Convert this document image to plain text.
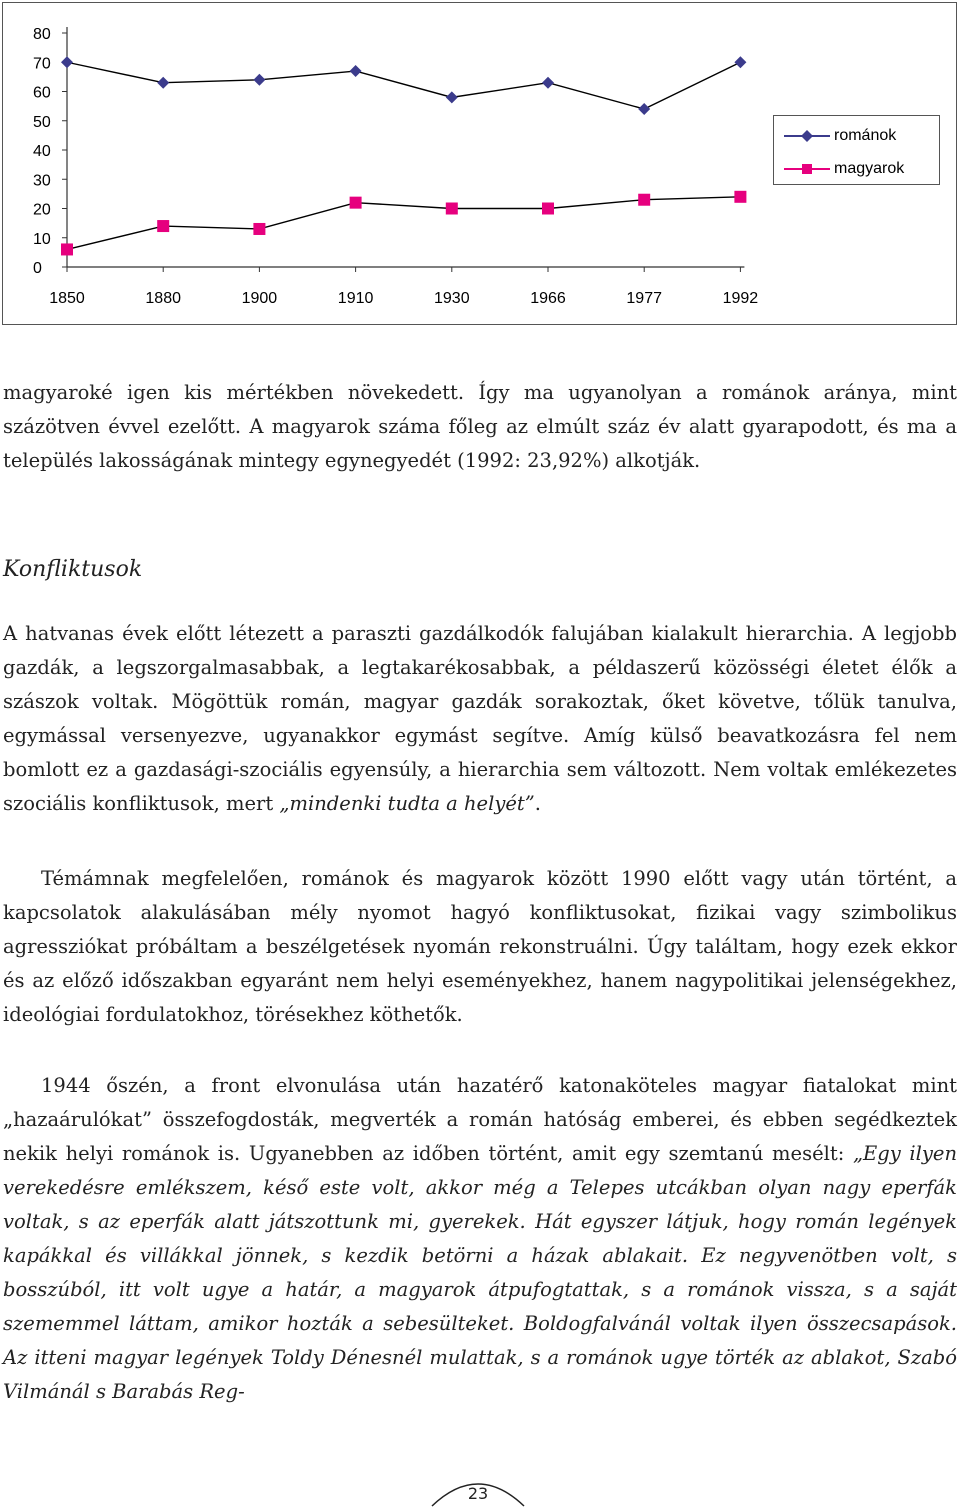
0
10
20
30
40
50
60
70
80
1850	1880	1900	1910	1930	1966	1977	1992
románok
magyarok
magyaroké igen kis mértékben növekedett. Így ma ugyanolyan a románok aránya, mint százötven évvel ezelőtt. A magyarok száma főleg az elmúlt száz év alatt gyarapodott, és ma a település lakosságának mintegy egynegyedét (1992: 23,92%) alkotják.
Konfliktusok
A hatvanas évek előtt létezett a paraszti gazdálkodók falujában kialakult hierarchia. A legjobb gazdák, a legszorgalmasabbak, a legtakarékosabbak, a példaszerű közösségi életet élők a szászok voltak. Mögöttük román, magyar gazdák sorakoztak, őket követve, tőlük tanulva, egymással versenyezve, ugyanakkor egymást segítve. Amíg külső beavatkozásra fel nem bomlott ez a gazdasági-szociális egyensúly, a hierarchia sem változott. Nem voltak emlékezetes szociális konfliktusok, mert „mindenki tudta a helyét”.
Témámnak megfelelően, románok és magyarok között 1990 előtt vagy után történt, a kapcsolatok alakulásában mély nyomot hagyó konfliktusokat, fizikai vagy szimbolikus agressziókat próbáltam a beszélgetések nyomán rekonstruálni. Úgy találtam, hogy ezek ekkor és az előző időszakban egyaránt nem helyi eseményekhez, hanem nagypolitikai jelenségekhez, ideológiai fordulatokhoz, törésekhez köthetők.
1944 őszén, a front elvonulása után hazatérő katonaköteles magyar fiatalokat mint „hazaárulókat” összefogdosták, megverték a román hatóság emberei, és ebben segédkeztek nekik helyi románok is. Ugyanebben az időben történt, amit egy szemtanú mesélt: „Egy ilyen verekedésre emlékszem, késő este volt, akkor még a Telepes utcákban olyan nagy eperfák voltak, s az eperfák alatt játszottunk mi, gyerekek. Hát egyszer látjuk, hogy román legények kapákkal és villákkal jönnek, s kezdik betörni a házak ablakait. Ez negyvenötben volt, s bosszúból, itt volt ugye a határ, a magyarok átpufogtattak, s a románok vissza, s a saját szememmel láttam, amikor hozták a sebesülteket. Boldogfalvánál voltak ilyen összecsapások. Az itteni magyar legények Toldy Dénesnél mulattak, s a románok ugye törték az ablakot, Szabó Vilmánál s Barabás Reg-
23
